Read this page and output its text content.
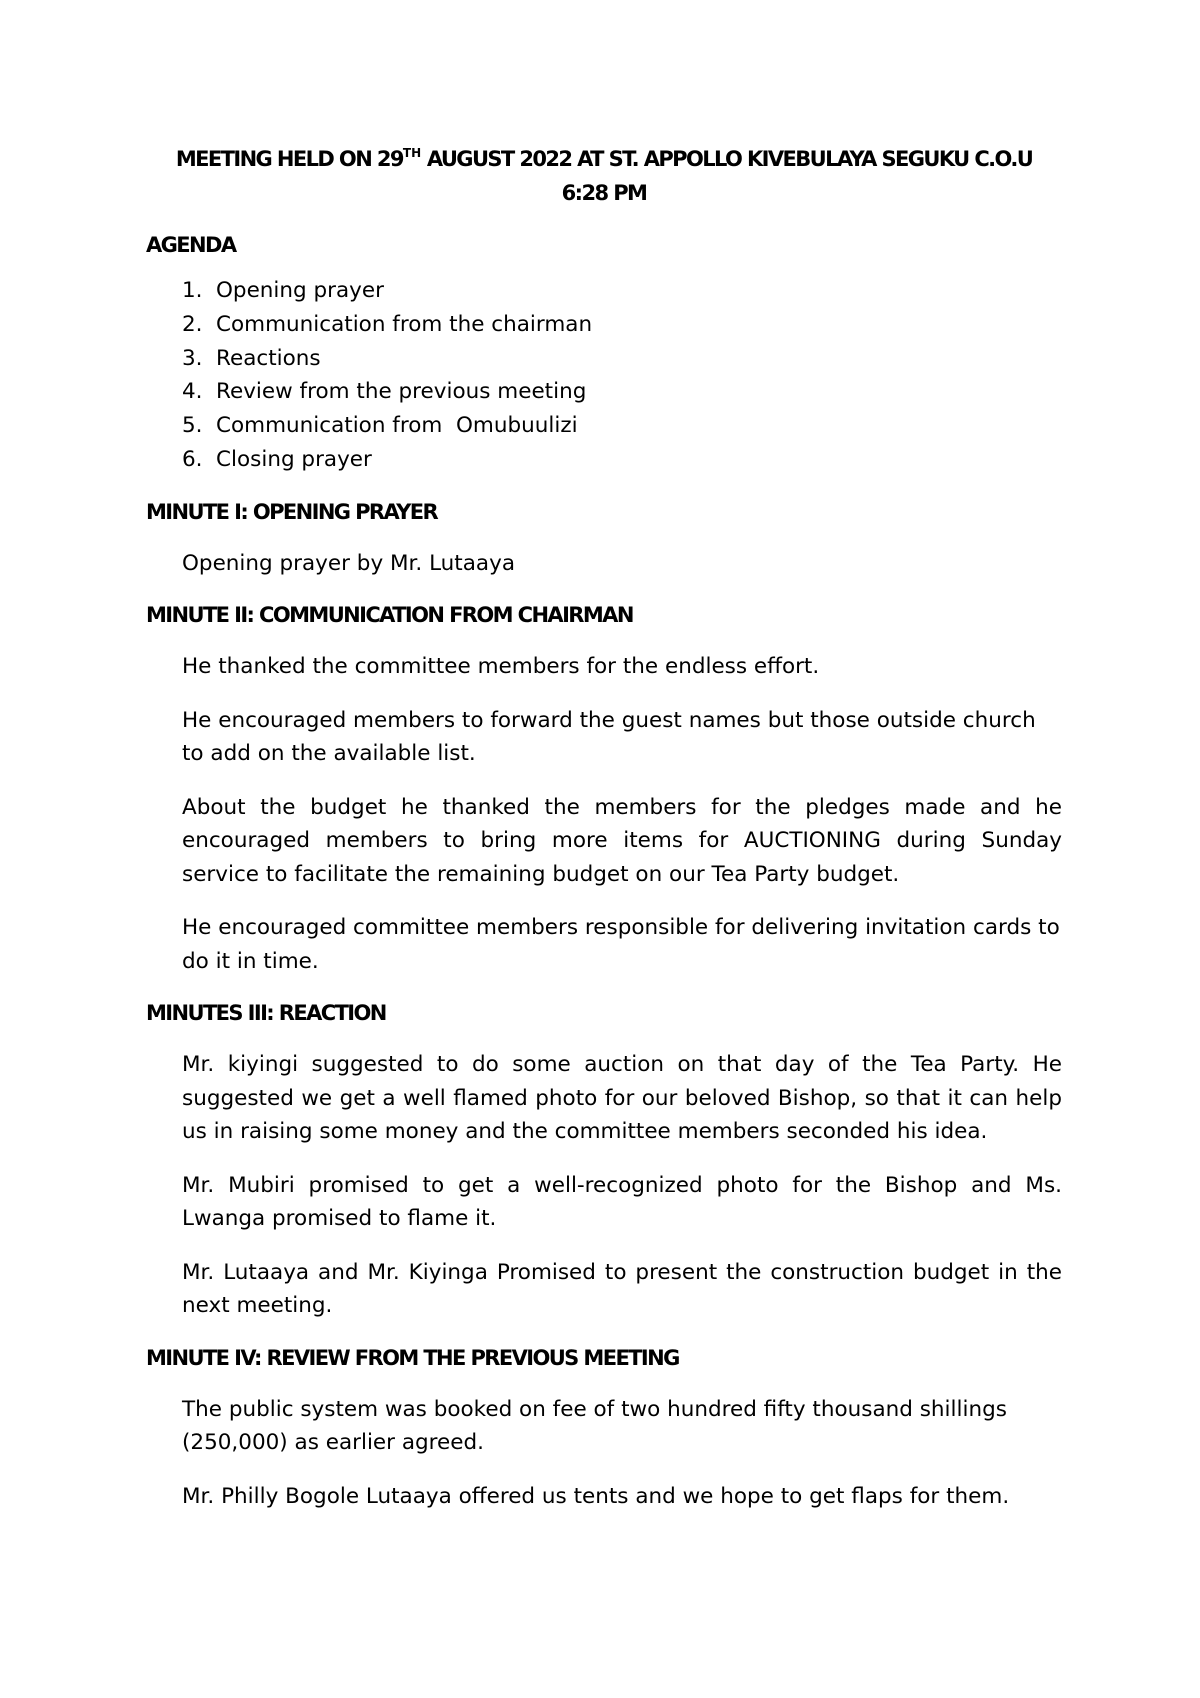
MEETING HELD ON 29TH AUGUST 2022 AT ST. APPOLLO KIVEBULAYA SEGUKU C.O.U
6:28 PM
AGENDA
1. Opening prayer
2. Communication from the chairman
3. Reactions
4. Review from the previous meeting
5. Communication from  Omubuulizi
6. Closing prayer
MINUTE I: OPENING PRAYER

Opening prayer by Mr. Lutaaya

MINUTE II: COMMUNICATION FROM CHAIRMAN

He thanked the committee members for the endless effort.

He encouraged members to forward the guest names but those outside church to add on the available list.

About the budget he thanked the members for the pledges made and he encouraged members to bring more items for AUCTIONING during Sunday service to facilitate the remaining budget on our Tea Party budget.

He encouraged committee members responsible for delivering invitation cards to do it in time.

MINUTES III: REACTION

Mr. kiyingi suggested to do some auction on that day of the Tea Party. He suggested we get a well flamed photo for our beloved Bishop, so that it can help us in raising some money and the committee members seconded his idea.

Mr. Mubiri promised to get a well-recognized photo for the Bishop and Ms. Lwanga promised to flame it.

Mr. Lutaaya and Mr. Kiyinga Promised to present the construction budget in the next meeting.

MINUTE IV: REVIEW FROM THE PREVIOUS MEETING

The public system was booked on fee of two hundred fifty thousand shillings (250,000) as earlier agreed.

Mr. Philly Bogole Lutaaya offered us tents and we hope to get flaps for them.
